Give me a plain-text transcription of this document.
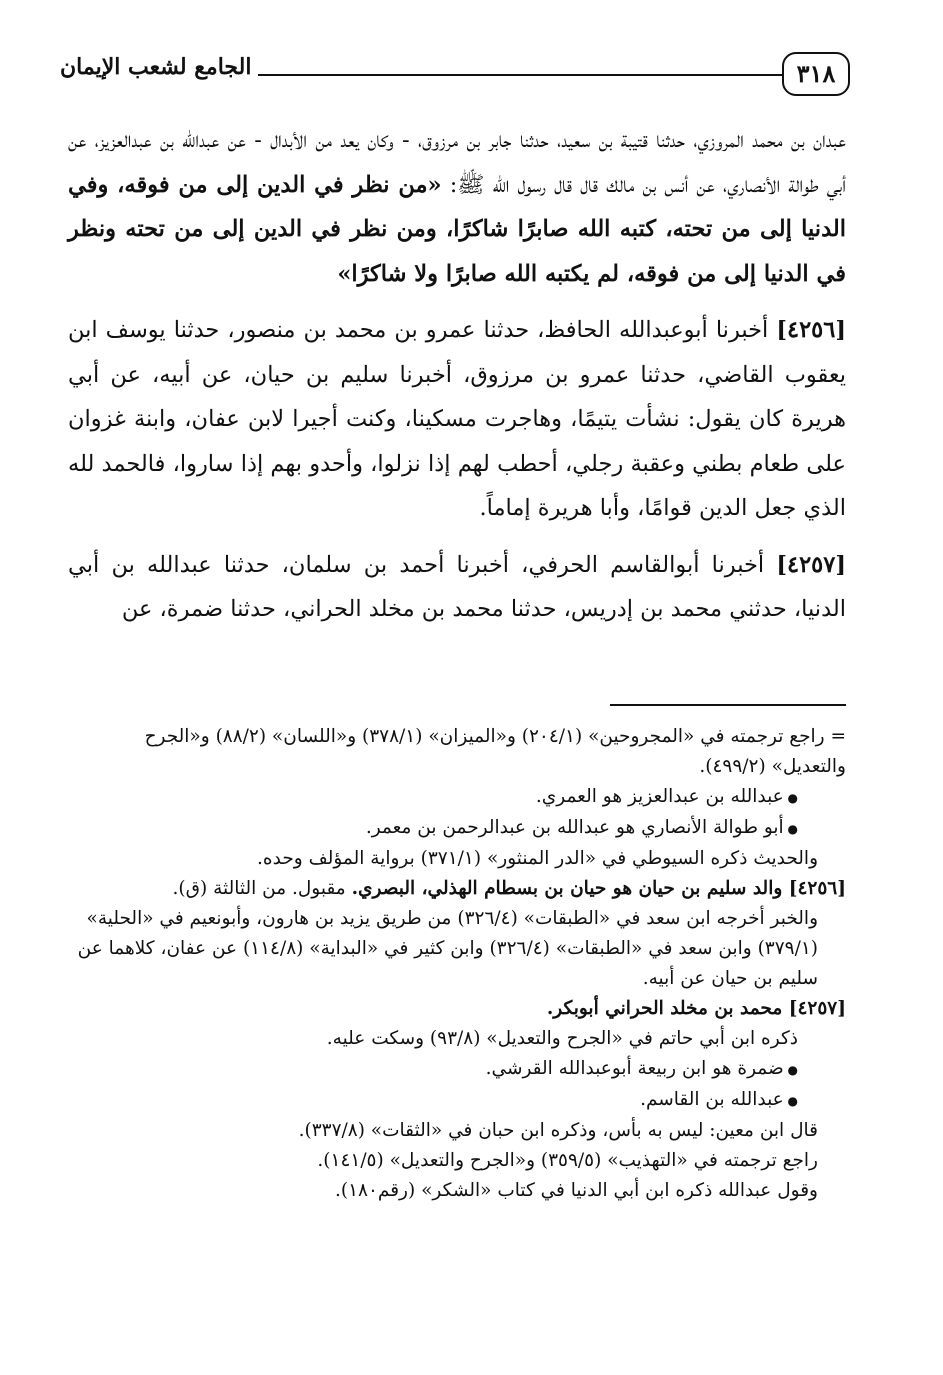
٣١٨
الجامع لشعب الإيمان

عبدان بن محمد المروزي، حدثنا قتيبة بن سعيد، حدثنا جابر بن مرزوق، - وكان يعد من الأبدال - عن عبدالله بن عبدالعزيز، عن أبي طوالة الأنصاري، عن أنس بن مالك قال قال رسول الله ﷺ: «من نظر في الدين إلى من فوقه، وفي الدنيا إلى من تحته، كتبه الله صابرًا شاكرًا، ومن نظر في الدين إلى من تحته ونظر في الدنيا إلى من فوقه، لم يكتبه الله صابرًا ولا شاكرًا»

[٤٢٥٦] أخبرنا أبوعبدالله الحافظ، حدثنا عمرو بن محمد بن منصور، حدثنا يوسف ابن يعقوب القاضي، حدثنا عمرو بن مرزوق، أخبرنا سليم بن حيان، عن أبيه، عن أبي هريرة كان يقول: نشأت يتيمًا، وهاجرت مسكينا، وكنت أجيرا لابن عفان، وابنة غزوان على طعام بطني وعقبة رجلي، أحطب لهم إذا نزلوا، وأحدو بهم إذا ساروا، فالحمد لله الذي جعل الدين قوامًا، وأبا هريرة إماماً.

[٤٢٥٧] أخبرنا أبوالقاسم الحرفي، أخبرنا أحمد بن سلمان، حدثنا عبدالله بن أبي الدنيا، حدثني محمد بن إدريس، حدثنا محمد بن مخلد الحراني، حدثنا ضمرة، عن

= راجع ترجمته في «المجروحين» (٢٠٤/١) و«الميزان» (٣٧٨/١) و«اللسان» (٨٨/٢) و«الجرح والتعديل» (٤٩٩/٢).

● عبدالله بن عبدالعزيز هو العمري.

● أبو طوالة الأنصاري هو عبدالله بن عبدالرحمن بن معمر.

والحديث ذكره السيوطي في «الدر المنثور» (٣٧١/١) برواية المؤلف وحده.

[٤٢٥٦] والد سليم بن حيان هو حيان بن بسطام الهذلي، البصري. مقبول. من الثالثة (ق).

والخبر أخرجه ابن سعد في «الطبقات» (٣٢٦/٤) من طريق يزيد بن هارون، وأبونعيم في «الحلية» (٣٧٩/١) وابن سعد في «الطبقات» (٣٢٦/٤) وابن كثير في «البداية» (١١٤/٨) عن عفان، كلاهما عن سليم بن حيان عن أبيه.

[٤٢٥٧] محمد بن مخلد الحراني أبوبكر.

ذكره ابن أبي حاتم في «الجرح والتعديل» (٩٣/٨) وسكت عليه.

● ضمرة هو ابن ربيعة أبوعبدالله القرشي.

● عبدالله بن القاسم.

قال ابن معين: ليس به بأس، وذكره ابن حبان في «الثقات» (٣٣٧/٨).

راجع ترجمته في «التهذيب» (٣٥٩/٥) و«الجرح والتعديل» (١٤١/٥).

وقول عبدالله ذكره ابن أبي الدنيا في كتاب «الشكر» (رقم١٨٠).
